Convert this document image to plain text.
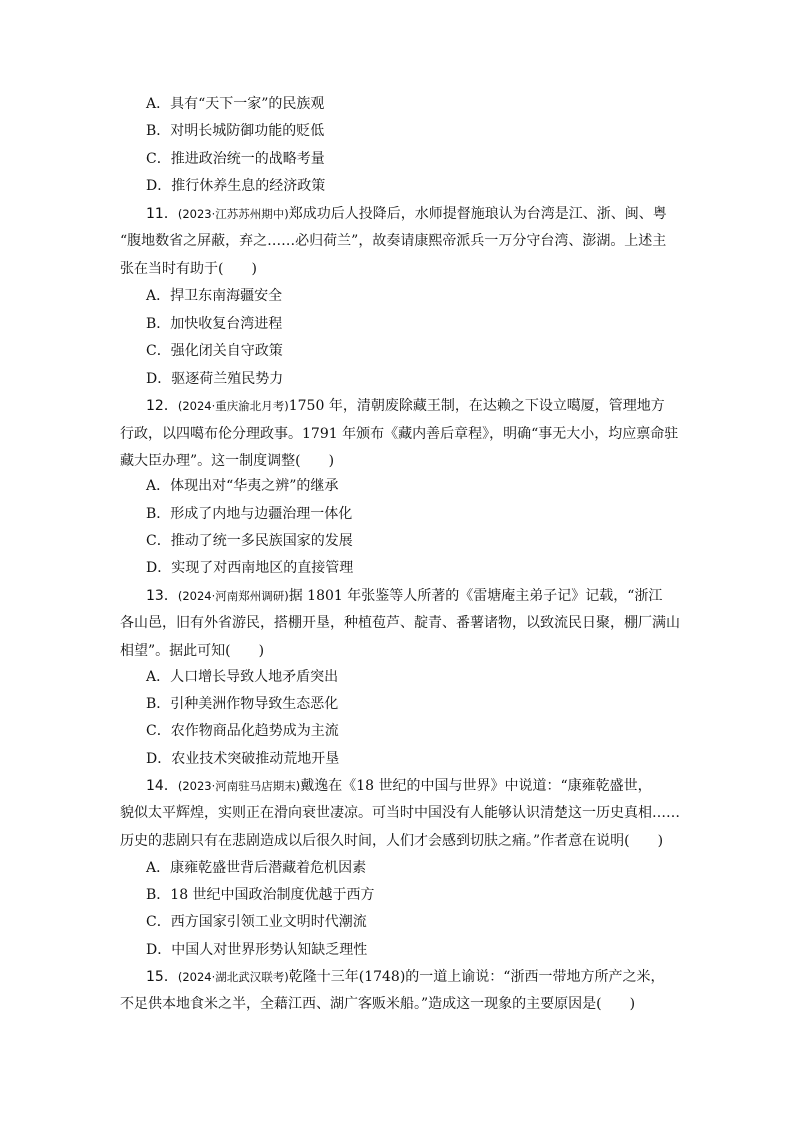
A．具有“天下一家”的民族观
B．对明长城防御功能的贬低
C．推进政治统一的战略考量
D．推行休养生息的经济政策
11．(2023·江苏苏州期中)郑成功后人投降后，水师提督施琅认为台湾是江、浙、闽、粤
“腹地数省之屏蔽，弃之……必归荷兰”，故奏请康熙帝派兵一万分守台湾、澎湖。上述主
张在当时有助于(　　)
A．捍卫东南海疆安全
B．加快收复台湾进程
C．强化闭关自守政策
D．驱逐荷兰殖民势力
12．(2024·重庆渝北月考)1750 年，清朝废除藏王制，在达赖之下设立噶厦，管理地方
行政，以四噶布伦分理政事。1791 年颁布《藏内善后章程》，明确“事无大小，均应禀命驻
藏大臣办理”。这一制度调整(　　)
A．体现出对“华夷之辨”的继承
B．形成了内地与边疆治理一体化
C．推动了统一多民族国家的发展
D．实现了对西南地区的直接管理
13．(2024·河南郑州调研)据 1801 年张鉴等人所著的《雷塘庵主弟子记》记载，“浙江
各山邑，旧有外省游民，搭棚开垦，种植苞芦、靛青、番薯诸物，以致流民日聚，棚厂满山
相望”。据此可知(　　)
A．人口增长导致人地矛盾突出
B．引种美洲作物导致生态恶化
C．农作物商品化趋势成为主流
D．农业技术突破推动荒地开垦
14．(2023·河南驻马店期末)戴逸在《18 世纪的中国与世界》中说道：“康雍乾盛世，
貌似太平辉煌，实则正在滑向衰世凄凉。可当时中国没有人能够认识清楚这一历史真相……
历史的悲剧只有在悲剧造成以后很久时间，人们才会感到切肤之痛。”作者意在说明(　　)
A．康雍乾盛世背后潜藏着危机因素
B．18 世纪中国政治制度优越于西方
C．西方国家引领工业文明时代潮流
D．中国人对世界形势认知缺乏理性
15．(2024·湖北武汉联考)乾隆十三年(1748)的一道上谕说：“浙西一带地方所产之米，
不足供本地食米之半，全藉江西、湖广客贩米船。”造成这一现象的主要原因是(　　)
